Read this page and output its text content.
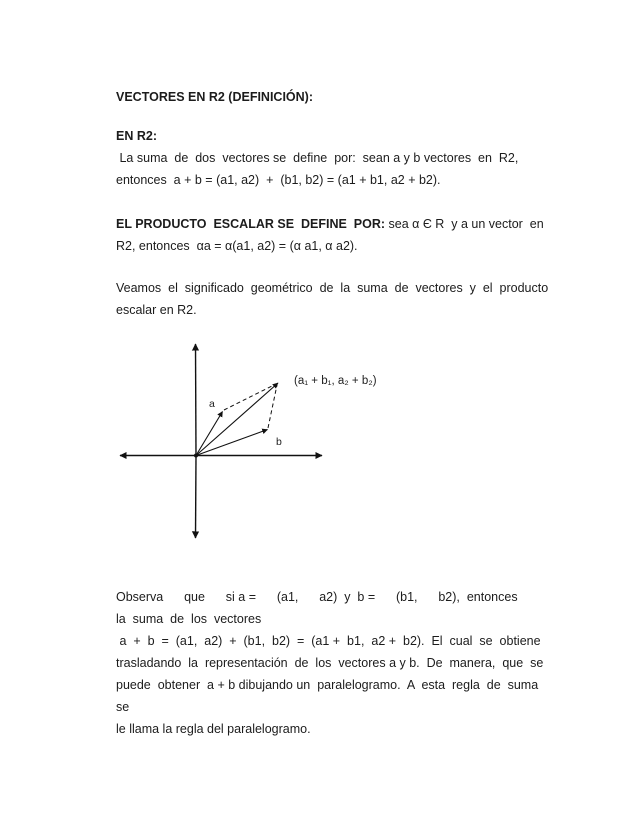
VECTORES EN R2 (DEFINICIÓN):
EN R2:
La suma  de  dos  vectores se  define  por:  sean a y b vectores  en  R2,
entonces  a + b = (a1, a2)  +  (b1, b2) = (a1 + b1, a2 + b2).
EL PRODUCTO  ESCALAR SE  DEFINE  POR: sea α Є R  y a un vector  en
R2, entonces  αa = α(a1, a2) = (α a1, α a2).
Veamos  el  significado  geométrico  de  la  suma  de  vectores  y  el  producto
escalar en R2.
a
b
(a₁ + b₁, a₂ + b₂)
Observa      que      si a =      (a1,      a2)  y  b =      (b1,      b2),  entonces
la  suma  de  los  vectores
a  +  b  =  (a1,  a2)  +  (b1,  b2)  =  (a1 +  b1,  a2 +  b2).  El  cual  se  obtiene
trasladando  la  representación  de  los  vectores a y b.  De  manera,  que  se
puede  obtener  a + b dibujando un  paralelogramo.  A  esta  regla  de  suma  se
le llama la regla del paralelogramo.
